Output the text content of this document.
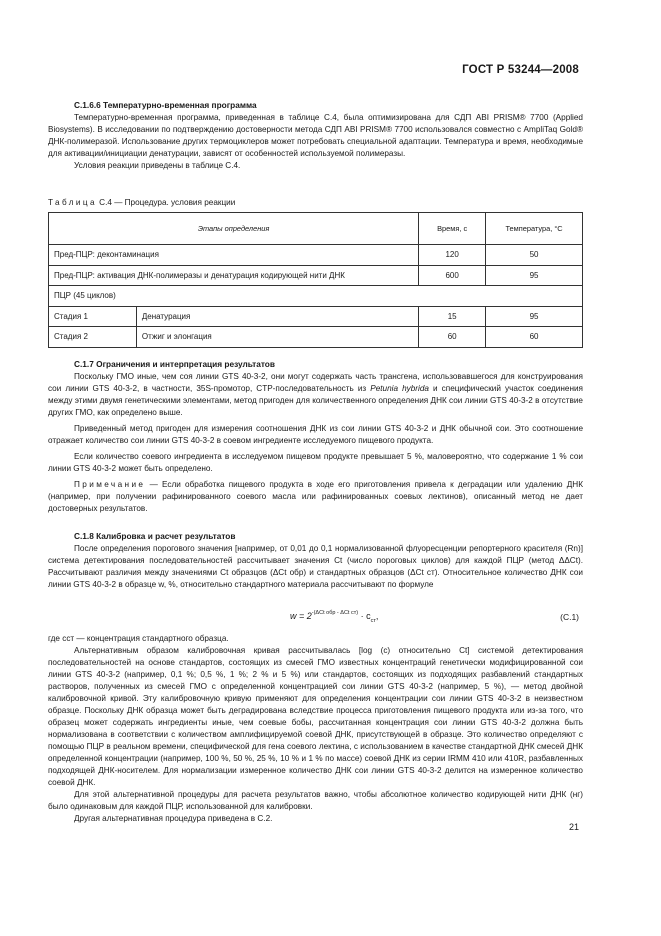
ГОСТ Р 53244—2008
C.1.6.6 Температурно-временная программа

Температурно-временная программа, приведенная в таблице С.4, была оптимизирована для СДП ABI PRISM® 7700 (Applied Biosystems). В исследовании по подтверждению достоверности метода СДП ABI PRISM® 7700 использовался совместно с AmpliTaq Gold® ДНК-полимеразой. Использование других термоциклеров может потребовать специальной адаптации. Температура и время, необходимые для активации/инициации денатурации, зависят от особенностей используемой полимеразы.

Условия реакции приведены в таблице С.4.

Таблица С.4 — Процедура. условия реакции
Этапы определения		Время, с	Температура, °С
Пред-ПЦР: деконтаминация		120	50
Пред-ПЦР: активация ДНК-полимеразы и денатурация кодирующей нити ДНК		600	95
ПЦР (45 циклов)			
Стадия 1	Денатурация	15	95
Стадия 2	Отжиг и элонгация	60	60
С.1.7 Ограничения и интерпретация результатов

Поскольку ГМО иные, чем соя линии GTS 40-3-2, они могут содержать часть трансгена, использовавшегося для конструирования сои линии GTS 40-3-2, в частности, 35S-промотор, CTP-последовательность из Petunia hybrida и специфический участок соединения между этими двумя генетическими элементами, метод пригоден для количественного определения ДНК сои линии GTS 40-3-2 в отсутствие других ГМО, как определено выше.

Приведенный метод пригоден для измерения соотношения ДНК из сои линии GTS 40-3-2 и ДНК обычной сои. Это соотношение отражает количество сои линии GTS 40-3-2 в соевом ингредиенте исследуемого пищевого продукта.

Если количество соевого ингредиента в исследуемом пищевом продукте превышает 5 %, маловероятно, что содержание 1 % сои линии GTS 40-3-2 может быть определено.

Примечание — Если обработка пищевого продукта в ходе его приготовления привела к деградации или удалению ДНК (например, при получении рафинированного соевого масла или рафинированных соевых лектинов), описанный метод не дает достоверных результатов.

С.1.8 Калибровка и расчет результатов

После определения порогового значения [например, от 0,01 до 0,1 нормализованной флуоресценции репортерного красителя (Rn)] система детектирования последовательностей рассчитывает значения Ct (число пороговых циклов) для каждой ПЦР (метод ΔΔCt). Рассчитывают различия между значениями Ct образцов (ΔCt обр) и стандартных образцов (ΔCt ст). Относительное количество ДНК сои линии GTS 40-3-2 в образце w, %, относительно стандартного материала рассчитывают по формуле

$w = 2^{-(\Delta Ct обр - \Delta Ct ст)} \cdot c_{ст}$,	(С.1)

где cст — концентрация стандартного образца.

Альтернативным образом калибровочная кривая рассчитывалась [log (c) относительно Ct] системой детектирования последовательностей на основе стандартов, состоящих из смесей ГМО известных концентраций генетически модифицированной сои линии GTS 40-3-2 (например, 0,1 %; 0,5 %, 1 %; 2 % и 5 %) или стандартов, состоящих из подходящих разбавлений стандартных растворов, полученных из смесей ГМО с определенной концентрацией сои линии GTS 40-3-2 (например, 5 %), — метод двойной калибровочной кривой. Эту калибровочную кривую применяют для определения концентрации сои линии GTS 40-3-2 в неизвестном образце. Поскольку ДНК образца может быть деградирована вследствие процесса приготовления пищевого продукта или из-за того, что образец может содержать ингредиенты иные, чем соевые бобы, рассчитанная концентрация сои линии GTS 40-3-2 должна быть нормализована в соответствии с количеством амплифицируемой соевой ДНК, присутствующей в образце. Это количество определяют с помощью ПЦР в реальном времени, специфической для гена соевого лектина, с использованием в качестве стандартной ДНК смесей ДНК определенной концентрации (например, 100 %, 50 %, 25 %, 10 % и 1 % по массе) соевой ДНК из серии IRMM 410 или 410R, разбавленных подходящей ДНК-носителем. Для нормализации измеренное количество ДНК сои линии GTS 40-3-2 делится на измеренное количество соевой ДНК.

Для этой альтернативной процедуры для расчета результатов важно, чтобы абсолютное количество кодирующей нити ДНК (нг) было одинаковым для каждой ПЦР, использованной для калибровки.

Другая альтернативная процедура приведена в С.2.

21
